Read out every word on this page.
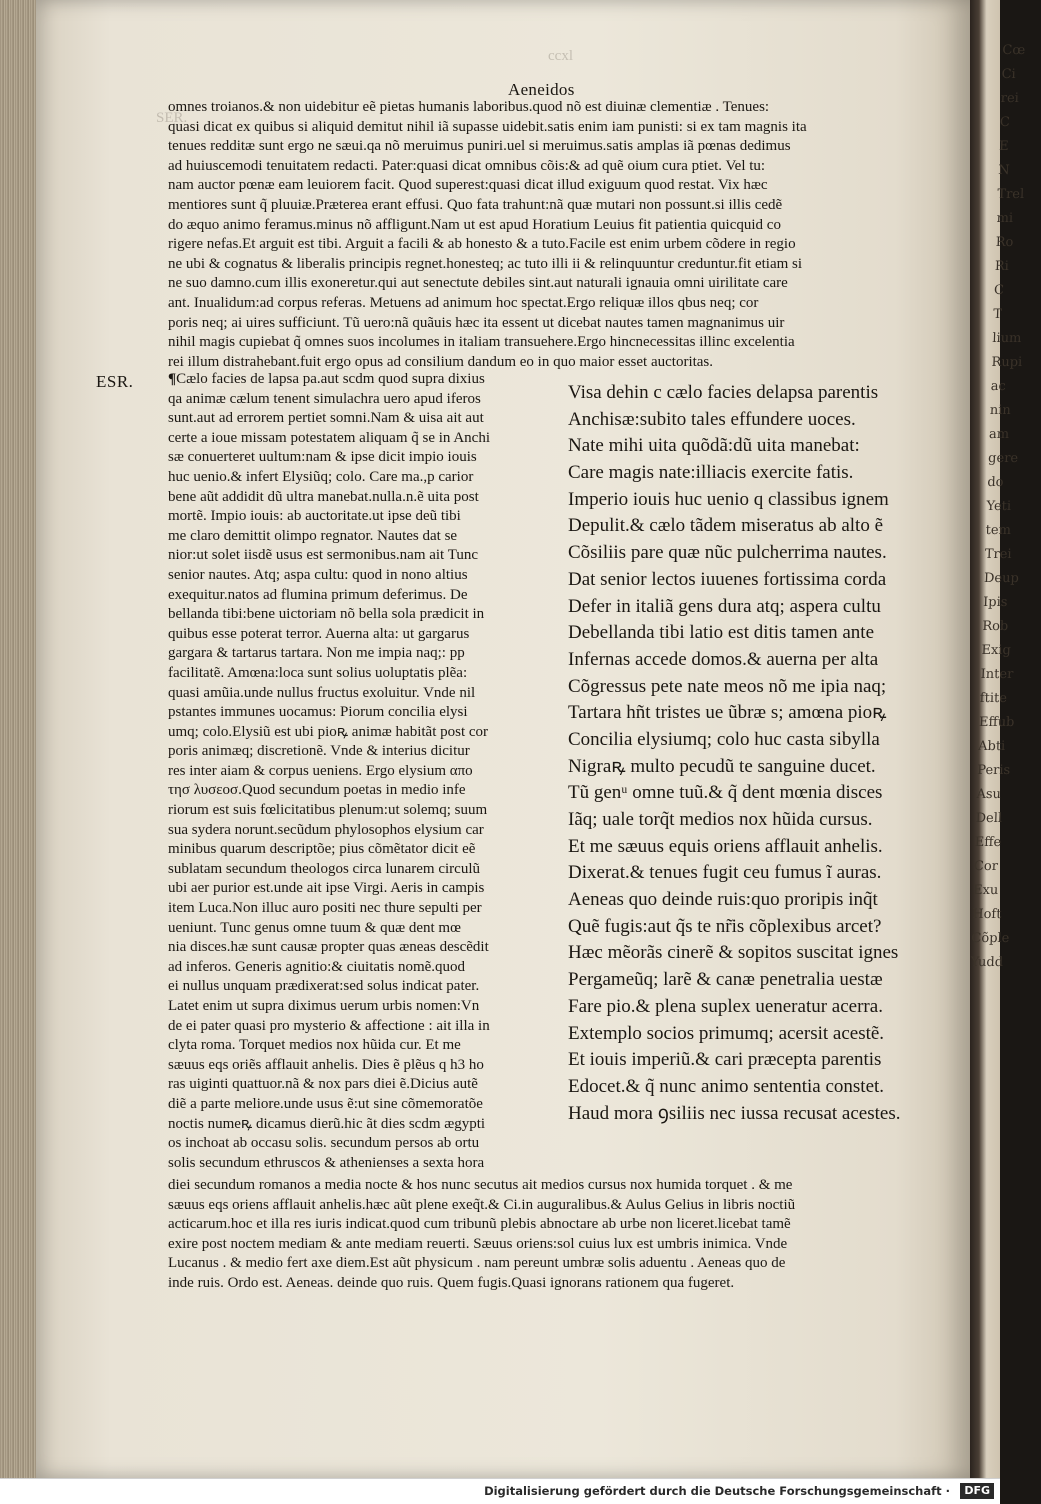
ccxl
SER.
Cœ
Ci
rei
C
E
N
Trel
mi
Ro
Ri
C
T
lium
Rupi
ac
nin
am
gere
do
Yeti
tem
Trei
Deup
Ipis
Rob
Exig
Inter
ftite
Effub
Abti
Peris
Asu
Dell
Effe
Cor
Exu
Hoft
Cõple
Yudd
Aeneidos
omnes troianos.& non uidebitur eẽ pietas humanis laboribus.quod nõ est diuinæ clementiæ . Tenues:
quasi dicat ex quibus si aliquid demitut nihil iã supasse uidebit.satis enim iam punisti: si ex tam magnis ita
tenues redditæ sunt ergo ne sæui.qa nõ meruimus puniri.uel si meruimus.satis amplas iã pœnas dedimus
ad huiuscemodi tenuitatem redacti. Pater:quasi dicat omnibus cõis:& ad quẽ oium cura ptiet. Vel tu:
nam auctor pœnæ eam leuiorem facit. Quod superest:quasi dicat illud exiguum quod restat. Vix hæc
mentiores sunt q̃ pluuiæ.Præterea erant effusi. Quo fata trahunt:nã quæ mutari non possunt.si illis cedẽ
do æquo animo feramus.minus nõ affligunt.Nam ut est apud Horatium Leuius fit patientia quicquid co
rigere nefas.Et arguit est tibi. Arguit a facili & ab honesto & a tuto.Facile est enim urbem cõdere in regio
ne ubi & cognatus & liberalis principis regnet.honesteq; ac tuto illi ii & relinquuntur creduntur.fit etiam si
ne suo damno.cum illis exoneretur.qui aut senectute debiles sint.aut naturali ignauia omni uirilitate care
ant. Inualidum:ad corpus referas. Metuens ad animum hoc spectat.Ergo reliquæ illos qbus neq; cor
poris neq; ai uires sufficiunt. Tũ uero:nã quãuis hæc ita essent ut dicebat nautes tamen magnanimus uir
nihil magis cupiebat q̃ omnes suos incolumes in italiam transuehere.Ergo hincnecessitas illinc excelentia
rei illum distrahebant.fuit ergo opus ad consilium dandum eo in quo maior esset auctoritas.
ESR. ¶Cælo facies de lapsa pa.aut scdm quod supra dixius
qa animæ cælum tenent simulachra uero apud iferos
sunt.aut ad errorem pertiet somni.Nam & uisa ait aut
certe a ioue missam potestatem aliquam q̃ se in Anchi
sæ conuerteret uultum:nam & ipse dicit impio iouis
huc uenio.& infert Elysiũq; colo. Care ma.,p carior
bene aũt addidit dũ ultra manebat.nulla.n.ẽ uita post
mortẽ. Impio iouis: ab auctoritate.ut ipse deũ tibi
me claro demittit olimpo regnator. Nautes dat se
nior:ut solet iisdẽ usus est sermonibus.nam ait Tunc
senior nautes. Atq; aspa cultu: quod in nono altius
exequitur.natos ad flumina primum deferimus. De
bellanda tibi:bene uictoriam nõ bella sola prædicit in
quibus esse poterat terror. Auerna alta: ut gargarus
gargara & tartarus tartara. Non me impia naq;: pp
facilitatẽ. Amœna:loca sunt solius uoluptatis plẽa:
quasi amũia.unde nullus fructus exoluitur. Vnde nil
pstantes immunes uocamus: Piorum concilia elysi
umq; colo.Elysiũ est ubi pioꝶ animæ habitãt post cor
poris animæq; discretionẽ. Vnde & interius dicitur
res inter aiam & corpus ueniens. Ergo elysium απο
τησ λυσεοσ.Quod secundum poetas in medio infe
riorum est suis fœlicitatibus plenum:ut solemq; suum
sua sydera norunt.secũdum phylosophos elysium car
minibus quarum descriptõe; pius cõmẽtator dicit eẽ
sublatam secundum theologos circa lunarem circulũ
ubi aer purior est.unde ait ipse Virgi. Aeris in campis
item Luca.Non illuc auro positi nec thure sepulti per
ueniunt. Tunc genus omne tuum & quæ dent mœ
nia disces.hæ sunt causæ propter quas æneas descẽdit
ad inferos. Generis agnitio:& ciuitatis nomẽ.quod
ei nullus unquam prædixerat:sed solus indicat pater.
Latet enim ut supra diximus uerum urbis nomen:Vn
de ei pater quasi pro mysterio & affectione : ait illa in
clyta roma. Torquet medios nox hũida cur. Et me
sæuus eqs oriẽs afflauit anhelis. Dies ẽ plẽus q h3 ho
ras uiginti quattuor.nã & nox pars diei ẽ.Dicius autẽ
diẽ a parte meliore.unde usus ẽ:ut sine cõmemoratõe
noctis numeꝶ dicamus dierũ.hic ãt dies scdm ægypti
os inchoat ab occasu solis. secundum persos ab ortu
solis secundum ethruscos & athenienses a sexta hora
Visa dehin c cælo facies delapsa parentis
Anchisæ:subito tales effundere uoces.
Nate mihi uita quõdã:dũ uita manebat:
Care magis nate:illiacis exercite fatis.
Imperio iouis huc uenio q classibus ignem
Depulit.& cælo tãdem miseratus ab alto ẽ
Cõsiliis pare quæ nũc pulcherrima nautes.
Dat senior lectos iuuenes fortissima corda
Defer in italiã gens dura atq; aspera cultu
Debellanda tibi latio est ditis tamen ante
Infernas accede domos.& auerna per alta
Cõgressus pete nate meos nõ me ipia naq;
Tartara hñt tristes ue ũbræ s; amœna pioꝶ
Concilia elysiumq; colo huc casta sibylla
Nigraꝶ multo pecudũ te sanguine ducet.
Tũ genᵘ omne tuũ.& q̃ dent mœnia disces
Iãq; uale torq̃t medios nox hũida cursus.
Et me sæuus equis oriens afflauit anhelis.
Dixerat.& tenues fugit ceu fumus ĩ auras.
Aeneas quo deinde ruis:quo proripis inq̃t
Quẽ fugis:aut q̃s te nr̃is cõplexibus arcet?
Hæc mẽorãs cinerẽ & sopitos suscitat ignes
Pergameũq; larẽ & canæ penetralia uestæ
Fare pio.& plena suplex ueneratur acerra.
Extemplo socios primumq; acersit acestẽ.
Et iouis imperiũ.& cari præcepta parentis
Edocet.& q̃ nunc animo sententia constet.
Haud mora ꝯsiliis nec iussa recusat acestes.
diei secundum romanos a media nocte & hos nunc secutus ait medios cursus nox humida torquet . & me
sæuus eqs oriens afflauit anhelis.hæc aũt plene exeq̃t.& Ci.in auguralibus.& Aulus Gelius in libris noctiũ
acticarum.hoc et illa res iuris indicat.quod cum tribunũ plebis abnoctare ab urbe non liceret.licebat tamẽ
exire post noctem mediam & ante mediam reuerti. Sæuus oriens:sol cuius lux est umbris inimica. Vnde
Lucanus . & medio fert axe diem.Est aũt physicum . nam pereunt umbræ solis aduentu . Aeneas quo de
inde ruis. Ordo est. Aeneas. deinde quo ruis. Quem fugis.Quasi ignorans rationem qua fugeret.
Digitalisierung gefördert durch die Deutsche Forschungsgemeinschaft ·	DFG
